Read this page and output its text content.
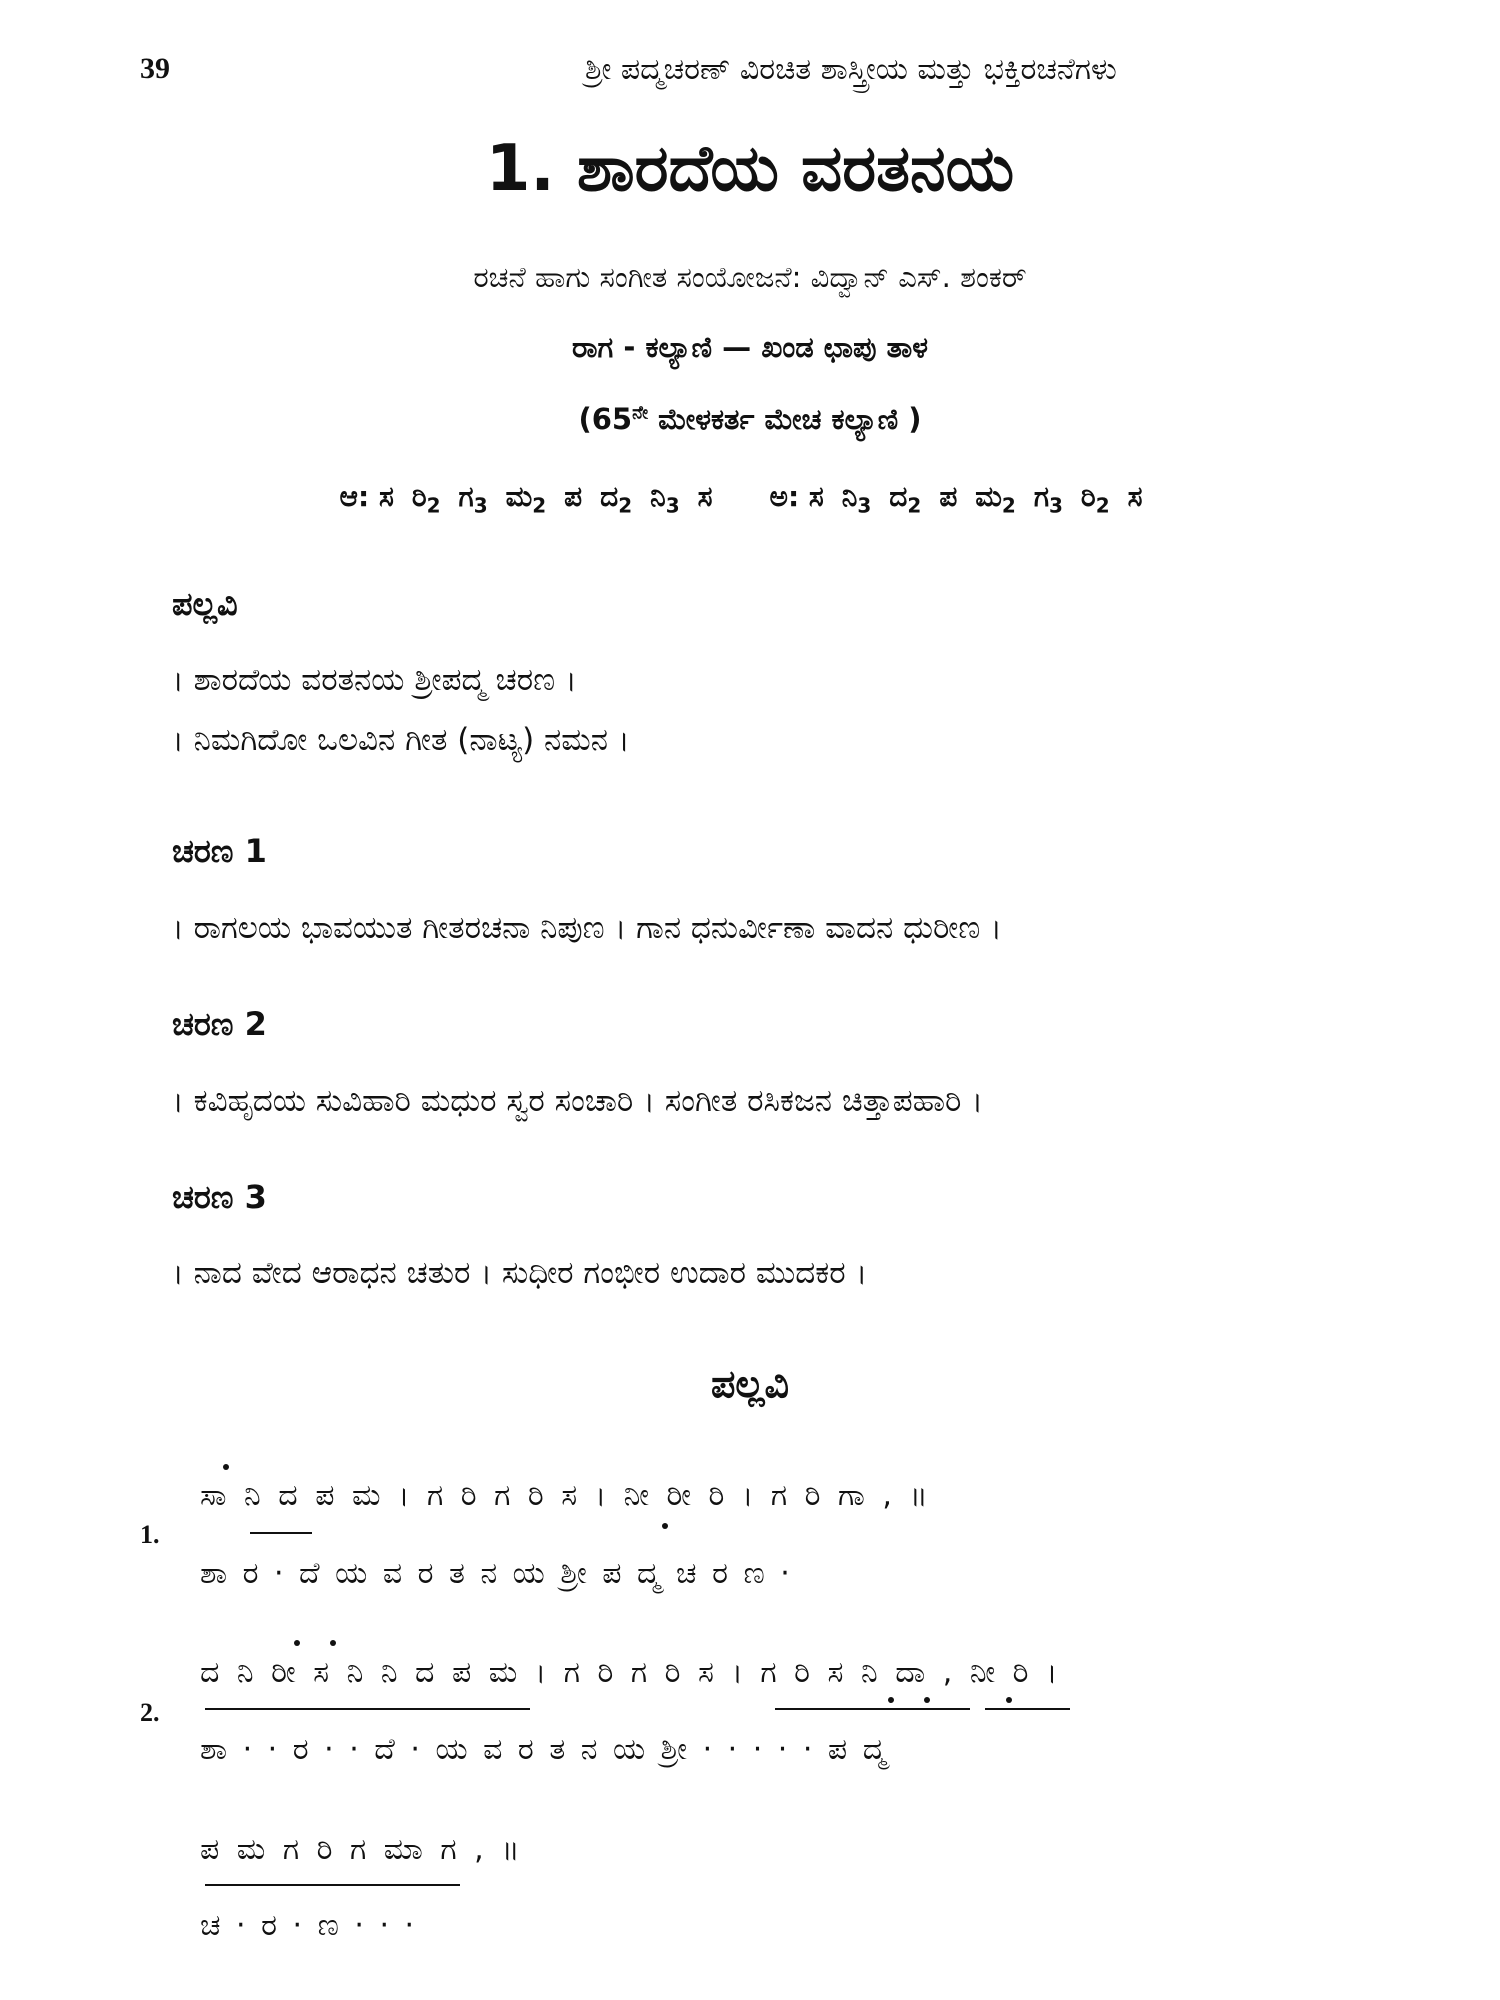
39	ಶ್ರೀ ಪದ್ಮಚರಣ್ ವಿರಚಿತ ಶಾಸ್ತ್ರೀಯ ಮತ್ತು ಭಕ್ತಿರಚನೆಗಳು
1. ಶಾರದೆಯ ವರತನಯ
ರಚನೆ ಹಾಗು ಸಂಗೀತ ಸಂಯೋಜನೆ: ವಿದ್ವಾನ್ ಎಸ್. ಶಂಕರ್
ರಾಗ - ಕಲ್ಯಾಣಿ — ಖಂಡ ಛಾಪು ತಾಳ
($65^{ನೇ}$ ಮೇಳಕರ್ತ ಮೇಚ ಕಲ್ಯಾಣಿ )
ಆ: ಸ $ರಿ_2$ ಗ$_3$ ಮ$_2$ ಪ ದ$_2$ $ನಿ_3$ ಸ ಅ: ಸ $ನಿ_3$ ದ$_2$ ಪ ಮ$_2$ ಗ$_3$ $ರಿ_2$ ಸ
ಪಲ್ಲವಿ
। ಶಾರದೆಯ ವರತನಯ ಶ್ರೀಪದ್ಮ ಚರಣ ।
। ನಿಮಗಿದೋ ಒಲವಿನ ಗೀತ (ನಾಟ್ಯ) ನಮನ ।
ಚರಣ 1
। ರಾಗಲಯ ಭಾವಯುತ ಗೀತರಚನಾ ನಿಪುಣ । ಗಾನ ಧನುರ್ವೀಣಾ ವಾದನ ಧುರೀಣ ।
ಚರಣ 2
। ಕವಿಹೃದಯ ಸುವಿಹಾರಿ ಮಧುರ ಸ್ವರ ಸಂಚಾರಿ । ಸಂಗೀತ ರಸಿಕಜನ ಚಿತ್ತಾಪಹಾರಿ ।
ಚರಣ 3
। ನಾದ ವೇದ ಆರಾಧನ ಚತುರ । ಸುಧೀರ ಗಂಭೀರ ಉದಾರ ಮುದಕರ ।
ಪಲ್ಲವಿ
ಸಾ ನಿ ದ ಪ ಮ । ಗ ರಿ ಗ ರಿ ಸ । ನೀ ರೀ ರಿ । ಗ ರಿ ಗಾ , ॥
1.
ಶಾ ರ · ದೆ ಯ ವ ರ ತ ನ ಯ ಶ್ರೀ ಪ ದ್ಮ ಚ ರ ಣ ·
ದ ನಿ ರೀ ಸ ನಿ ನಿ ದ ಪ ಮ । ಗ ರಿ ಗ ರಿ ಸ । ಗ ರಿ ಸ ನಿ ದಾ , ನೀ ರಿ ।
2.
ಶಾ · · ರ · · ದೆ · ಯ ವ ರ ತ ನ ಯ ಶ್ರೀ · · · · · ಪ ದ್ಮ
ಪ ಮ ಗ ರಿ ಗ ಮಾ ಗ , ॥
ಚ · ರ · ಣ · · ·
